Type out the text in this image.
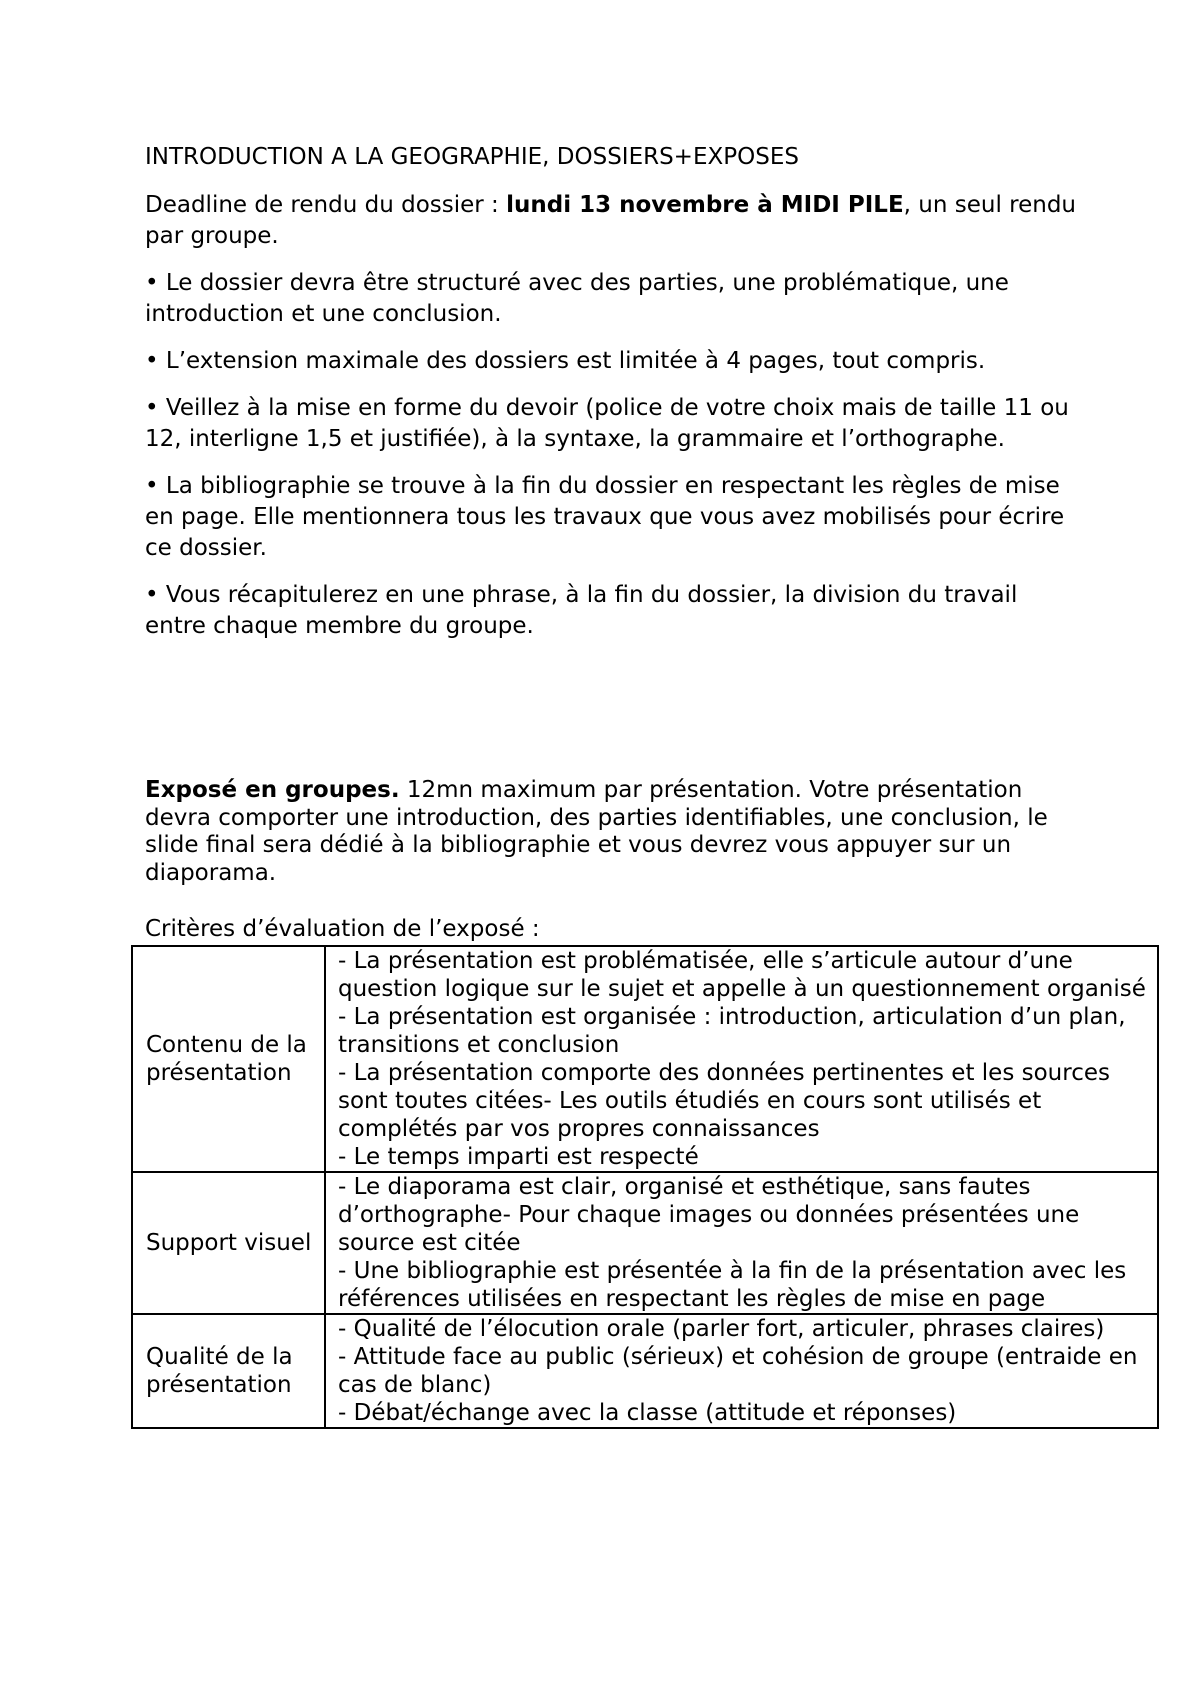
INTRODUCTION A LA GEOGRAPHIE, DOSSIERS+EXPOSES

Deadline de rendu du dossier : lundi 13 novembre à MIDI PILE, un seul rendu par groupe.

• Le dossier devra être structuré avec des parties, une problématique, une introduction et une conclusion.

• L’extension maximale des dossiers est limitée à 4 pages, tout compris.

• Veillez à la mise en forme du devoir (police de votre choix mais de taille 11 ou 12, interligne 1,5 et justifiée), à la syntaxe, la grammaire et l’orthographe.

• La bibliographie se trouve à la fin du dossier en respectant les règles de mise en page. Elle mentionnera tous les travaux que vous avez mobilisés pour écrire ce dossier.

• Vous récapitulerez en une phrase, à la fin du dossier, la division du travail entre chaque membre du groupe.

Exposé en groupes. 12mn maximum par présentation. Votre présentation devra comporter une introduction, des parties identifiables, une conclusion, le slide final sera dédié à la bibliographie et vous devrez vous appuyer sur un diaporama.

Critères d’évaluation de l’exposé :

Contenu de la présentation	- La présentation est problématisée, elle s’articule autour d’une question logique sur le sujet et appelle à un questionnement organisé
- La présentation est organisée : introduction, articulation d’un plan, transitions et conclusion
- La présentation comporte des données pertinentes et les sources sont toutes citées- Les outils étudiés en cours sont utilisés et complétés par vos propres connaissances
- Le temps imparti est respecté

Support visuel	- Le diaporama est clair, organisé et esthétique, sans fautes d’orthographe- Pour chaque images ou données présentées une source est citée
- Une bibliographie est présentée à la fin de la présentation avec les références utilisées en respectant les règles de mise en page

Qualité de la présentation	- Qualité de l’élocution orale (parler fort, articuler, phrases claires)
- Attitude face au public (sérieux) et cohésion de groupe (entraide en cas de blanc)
- Débat/échange avec la classe (attitude et réponses)
